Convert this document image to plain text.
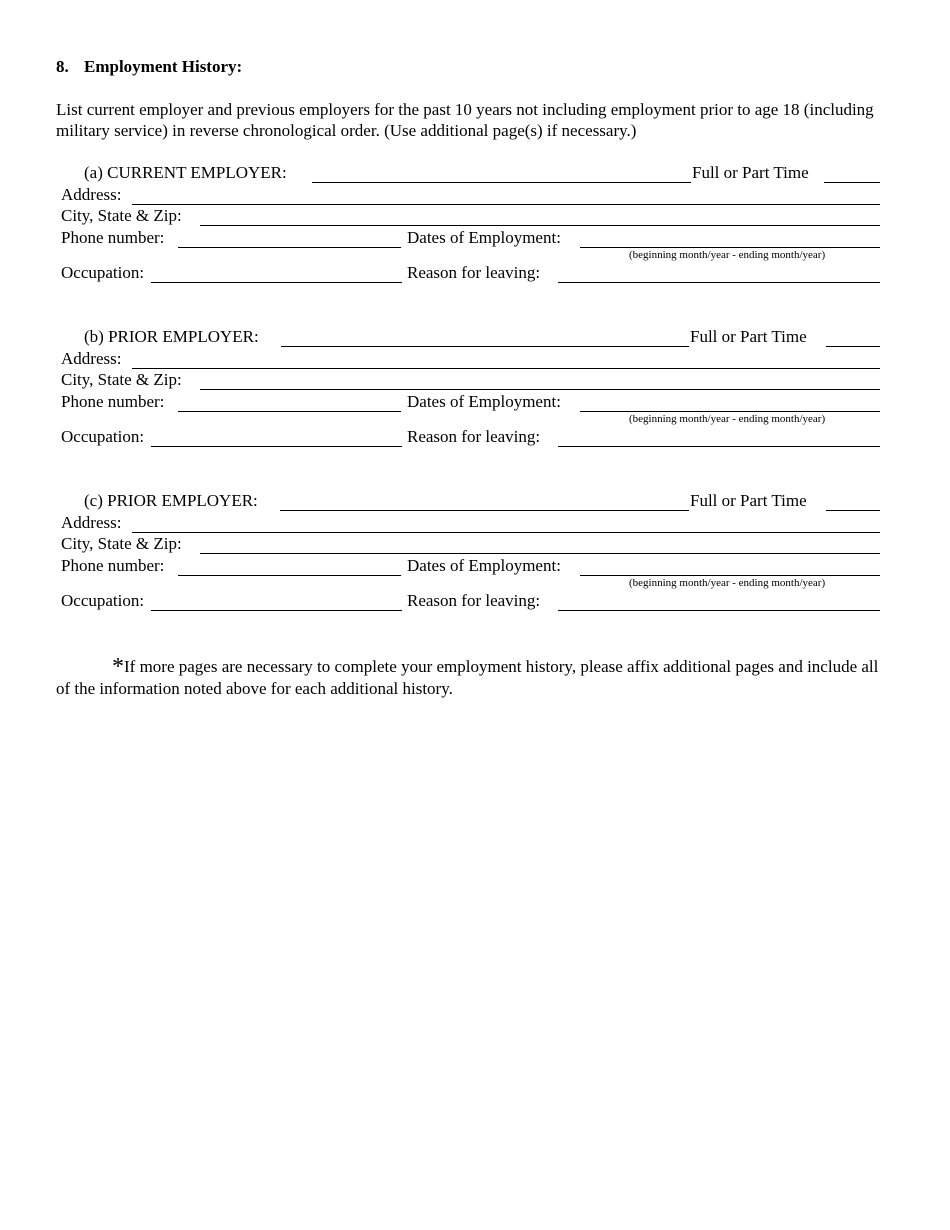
8. Employment History:
List current employer and previous employers for the past 10 years not including employment prior to age 18 (including military service) in reverse chronological order. (Use additional page(s) if necessary.)
(a) CURRENT EMPLOYER:	Full or Part Time
Address:
City, State & Zip:
Phone number:	Dates of Employment:
(beginning month/year - ending month/year)
Occupation:	Reason for leaving:
(b) PRIOR EMPLOYER:	Full or Part Time
Address:
City, State & Zip:
Phone number:	Dates of Employment:
(beginning month/year - ending month/year)
Occupation:	Reason for leaving:
(c) PRIOR EMPLOYER:	Full or Part Time
Address:
City, State & Zip:
Phone number:	Dates of Employment:
(beginning month/year - ending month/year)
Occupation:	Reason for leaving:
*If more pages are necessary to complete your employment history, please affix additional pages and include all of the information noted above for each additional history.
